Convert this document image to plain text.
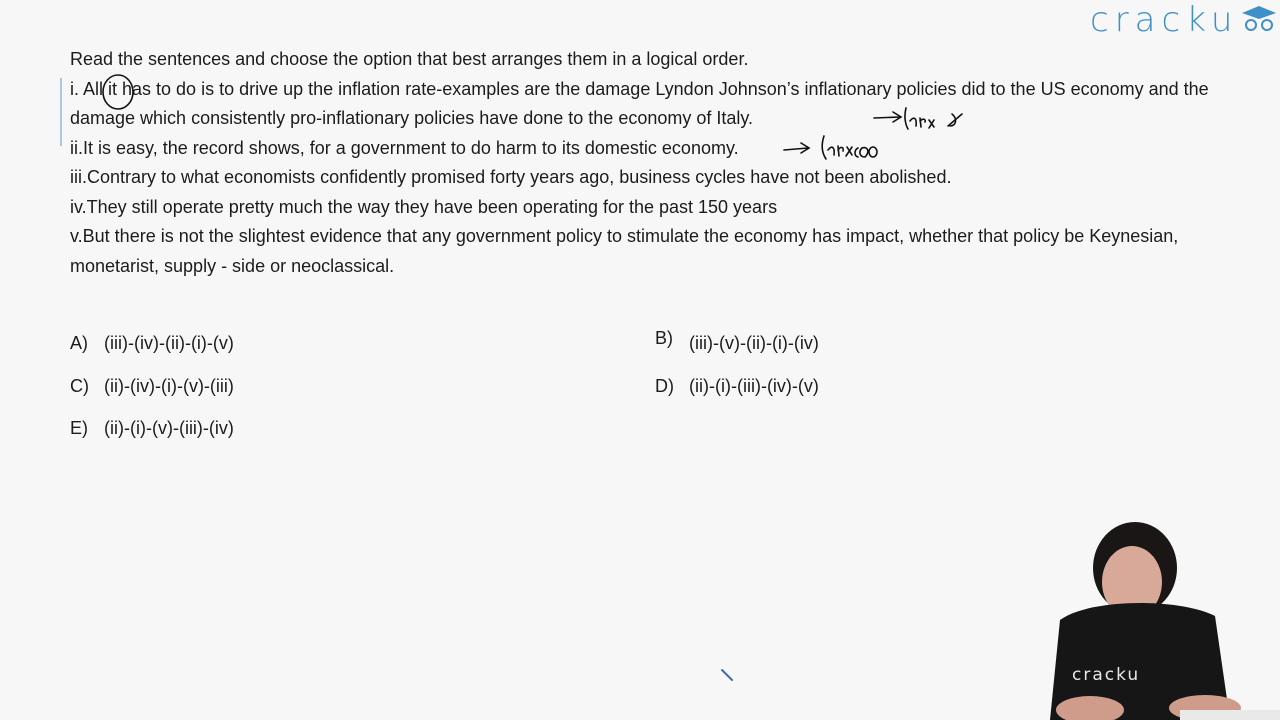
cracku

Read the sentences and choose the option that best arranges them in a logical order.

i. All it has to do is to drive up the inflation rate-examples are the damage Lyndon Johnson’s inflationary policies did to the US economy and the damage which consistently pro-inflationary policies have done to the economy of Italy.

ii.It is easy, the record shows, for a government to do harm to its domestic economy.

iii.Contrary to what economists confidently promised forty years ago, business cycles have not been abolished.

iv.They still operate pretty much the way they have been operating for the past 150 years

v.But there is not the slightest evidence that any government policy to stimulate the economy has impact, whether that policy be Keynesian, monetarist, supply - side or neoclassical.

A) (iii)-(iv)-(ii)-(i)-(v)	B) (iii)-(v)-(ii)-(i)-(iv)
C) (ii)-(iv)-(i)-(v)-(iii)	D) (ii)-(i)-(iii)-(iv)-(v)
E) (ii)-(i)-(v)-(iii)-(iv)
cracku
